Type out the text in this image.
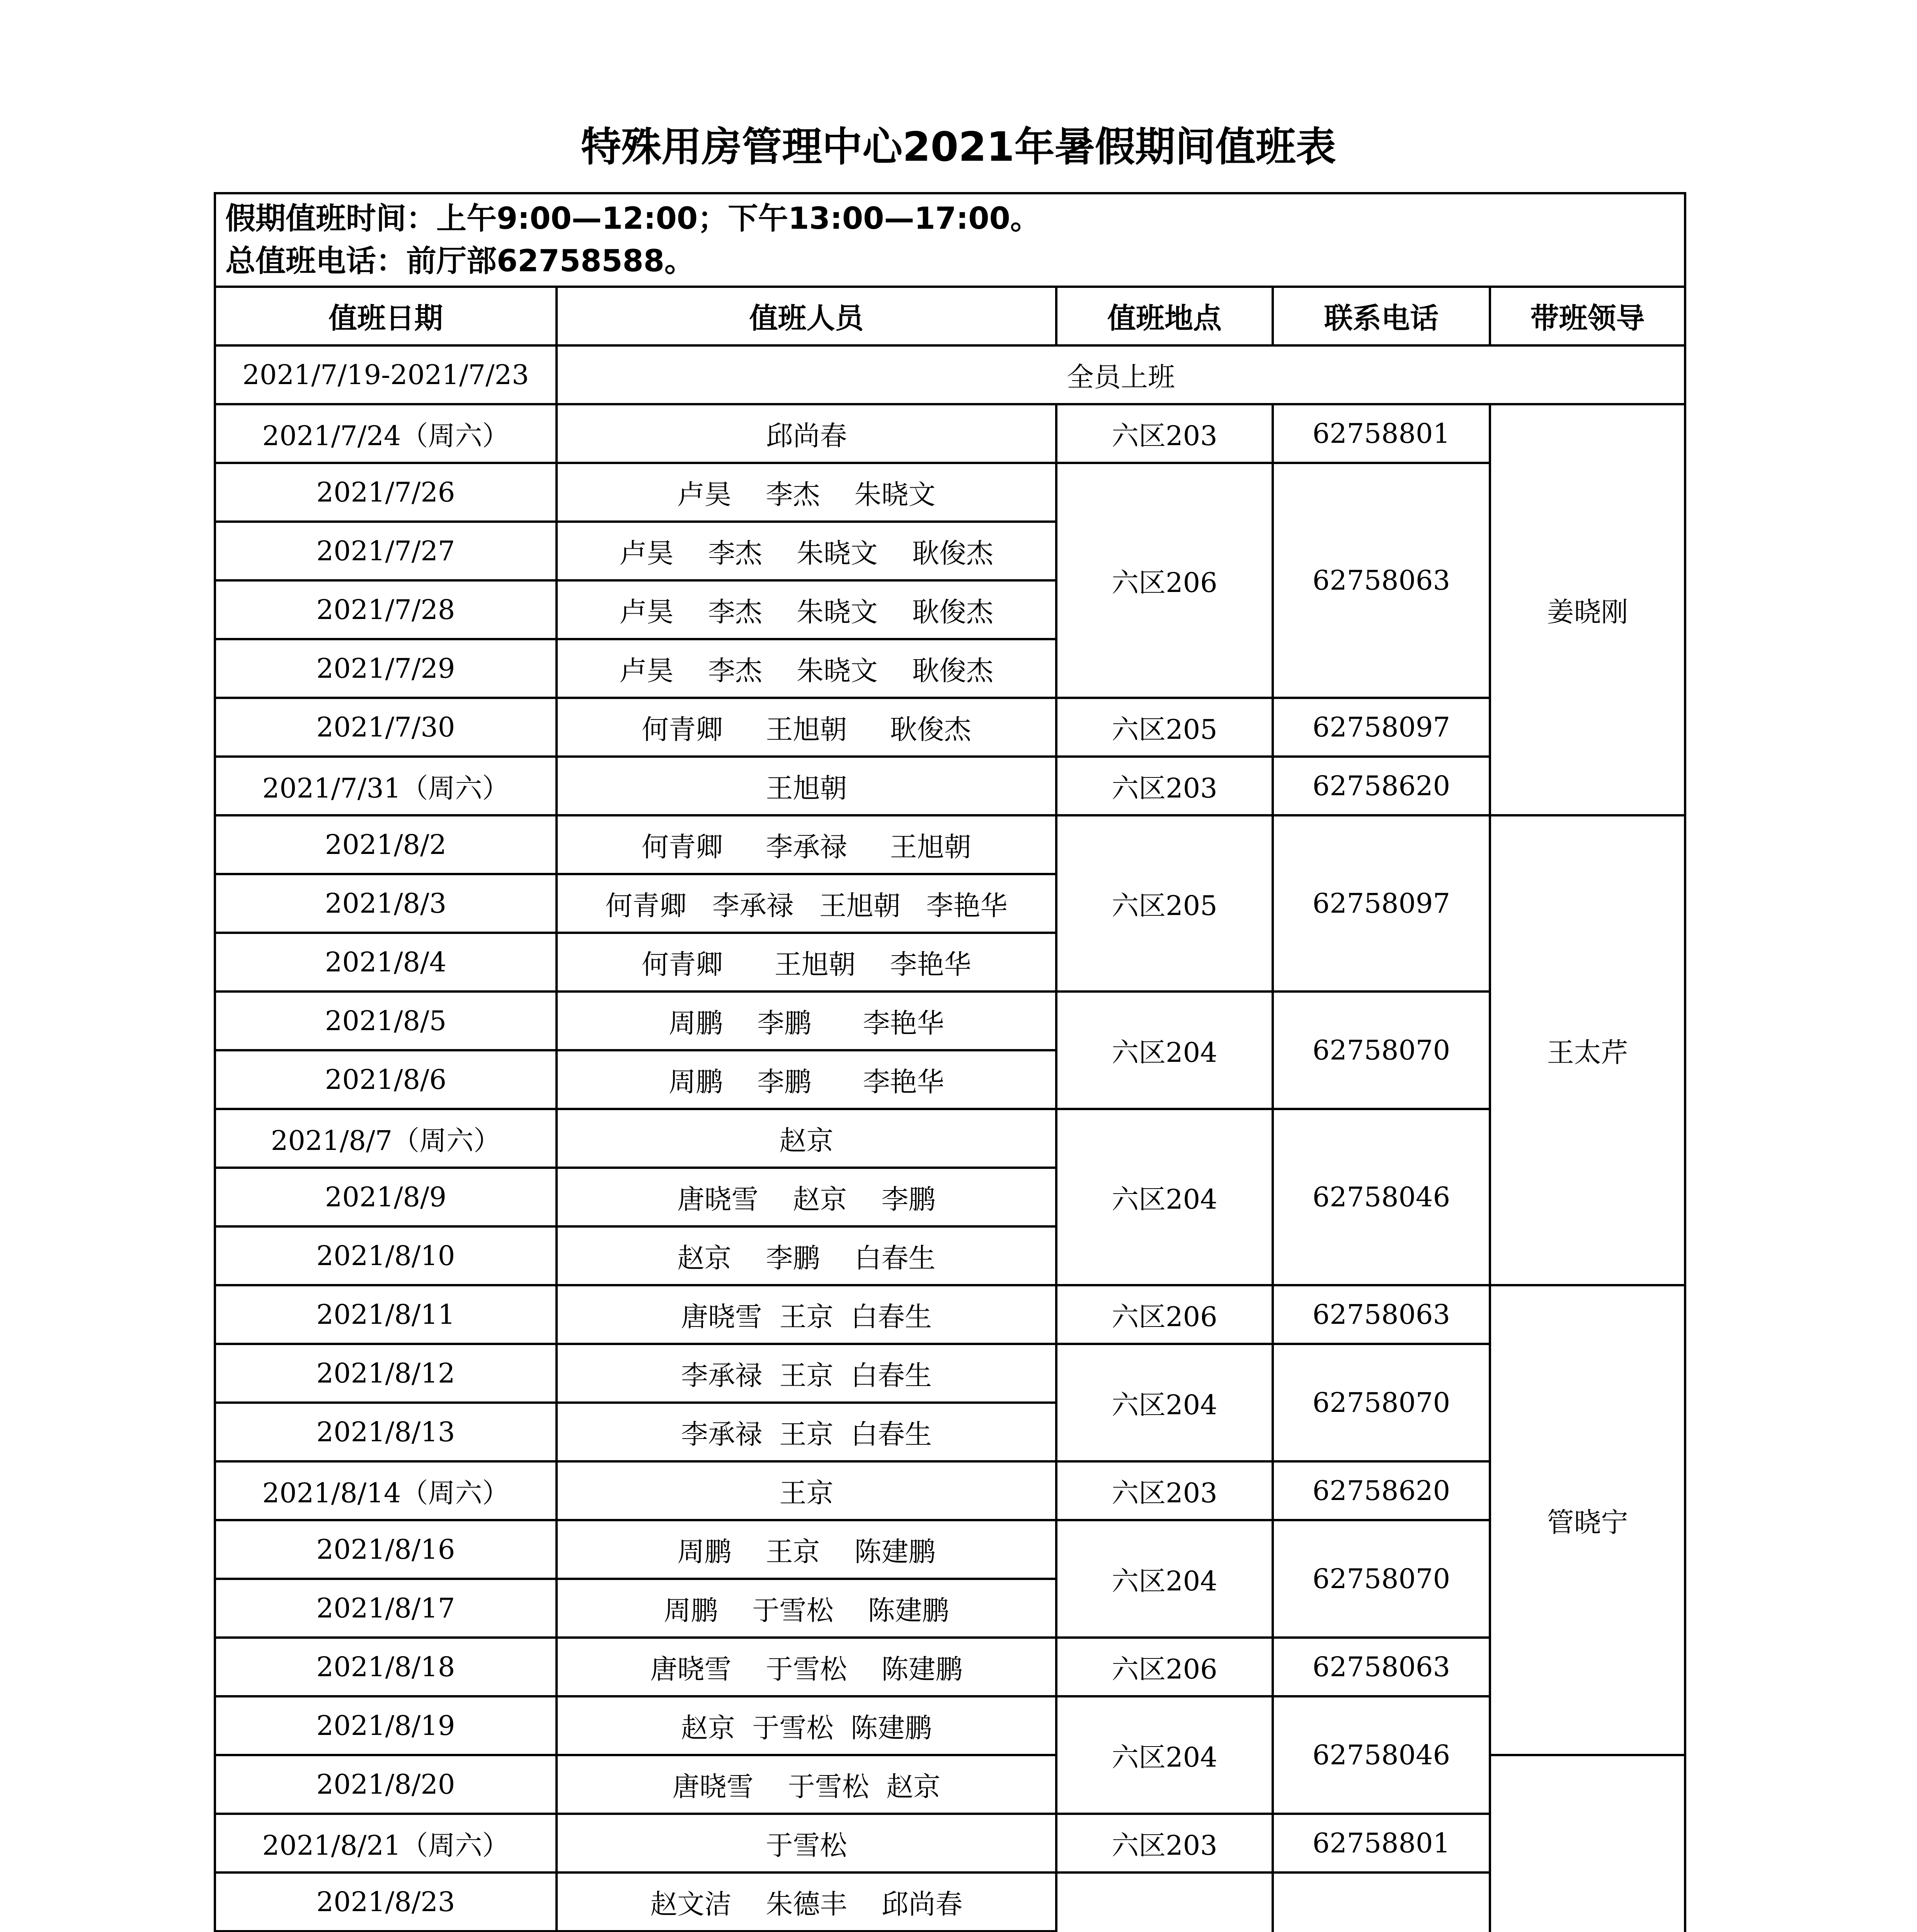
特殊用房管理中心2021年暑假期间值班表
假期值班时间：上午9:00—12:00；下午13:00—17:00。
总值班电话：前厅部62758588。				

值班日期	值班人员	值班地点	联系电话	带班领导
2021/7/19-2021/7/23	全员上班			
2021/7/24（周六）	邱尚春	六区203	62758801	姜晓刚
2021/7/26	卢昊    李杰    朱晓文	六区206	62758063	
2021/7/27	卢昊    李杰    朱晓文    耿俊杰			
2021/7/28	卢昊    李杰    朱晓文    耿俊杰			
2021/7/29	卢昊    李杰    朱晓文    耿俊杰			
2021/7/30	何青卿     王旭朝     耿俊杰	六区205	62758097	
2021/7/31（周六）	王旭朝	六区203	62758620	
2021/8/2	何青卿     李承禄     王旭朝	六区205	62758097	王太芹
2021/8/3	何青卿   李承禄   王旭朝   李艳华			
2021/8/4	何青卿      王旭朝    李艳华			
2021/8/5	周鹏    李鹏      李艳华	六区204	62758070	
2021/8/6	周鹏    李鹏      李艳华			
2021/8/7（周六）	赵京	六区204	62758046	
2021/8/9	唐晓雪    赵京    李鹏			
2021/8/10	赵京    李鹏    白春生			
2021/8/11	唐晓雪  王京  白春生	六区206	62758063	管晓宁
2021/8/12	李承禄  王京  白春生	六区204	62758070	
2021/8/13	李承禄  王京  白春生			
2021/8/14（周六）	王京	六区203	62758620	
2021/8/16	周鹏    王京    陈建鹏	六区204	62758070	
2021/8/17	周鹏    于雪松    陈建鹏			
2021/8/18	唐晓雪    于雪松    陈建鹏	六区206	62758063	
2021/8/19	赵京  于雪松  陈建鹏	六区204	62758046	
2021/8/20	唐晓雪    于雪松  赵京	
2021/8/21（周六）	于雪松	六区203	62758801	
2021/8/23	赵文洁    朱德丰    邱尚春		
